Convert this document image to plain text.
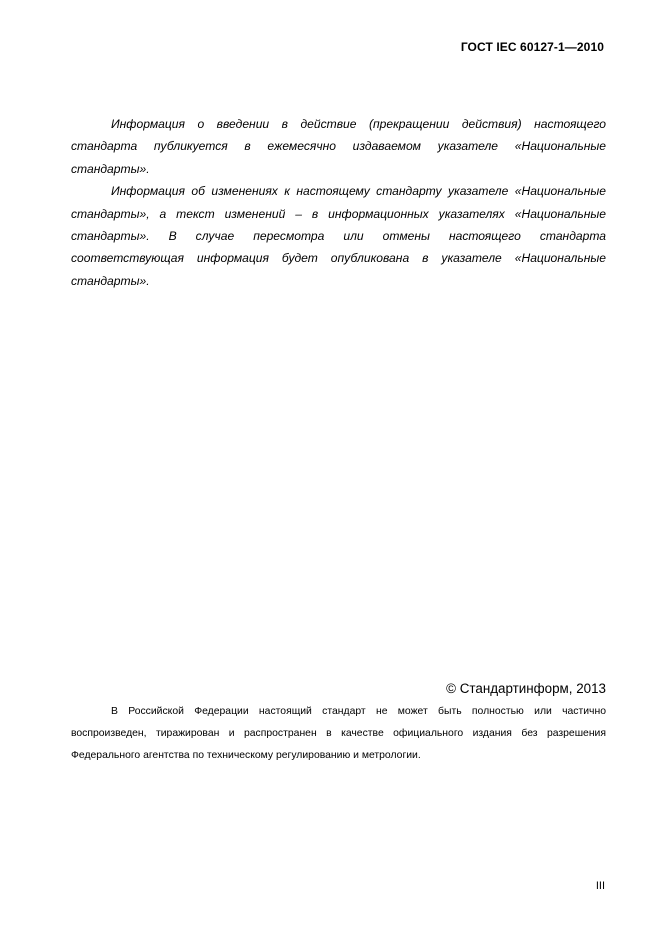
ГОСТ IEC 60127-1—2010

Информация о введении в действие (прекращении действия) настоящего стандарта публикуется в ежемесячно издаваемом указателе «Национальные стандарты».

Информация об изменениях к настоящему стандарту указателе «Национальные стандарты», а текст изменений – в информационных указателях «Национальные стандарты». В случае пересмотра или отмены настоящего стандарта соответствующая информация будет опубликована в указателе «Национальные стандарты».

© Стандартинформ, 2013

В Российской Федерации настоящий стандарт не может быть полностью или частично воспроизведен, тиражирован и распространен в качестве официального издания без разрешения Федерального агентства по техническому регулированию и метрологии.

III
